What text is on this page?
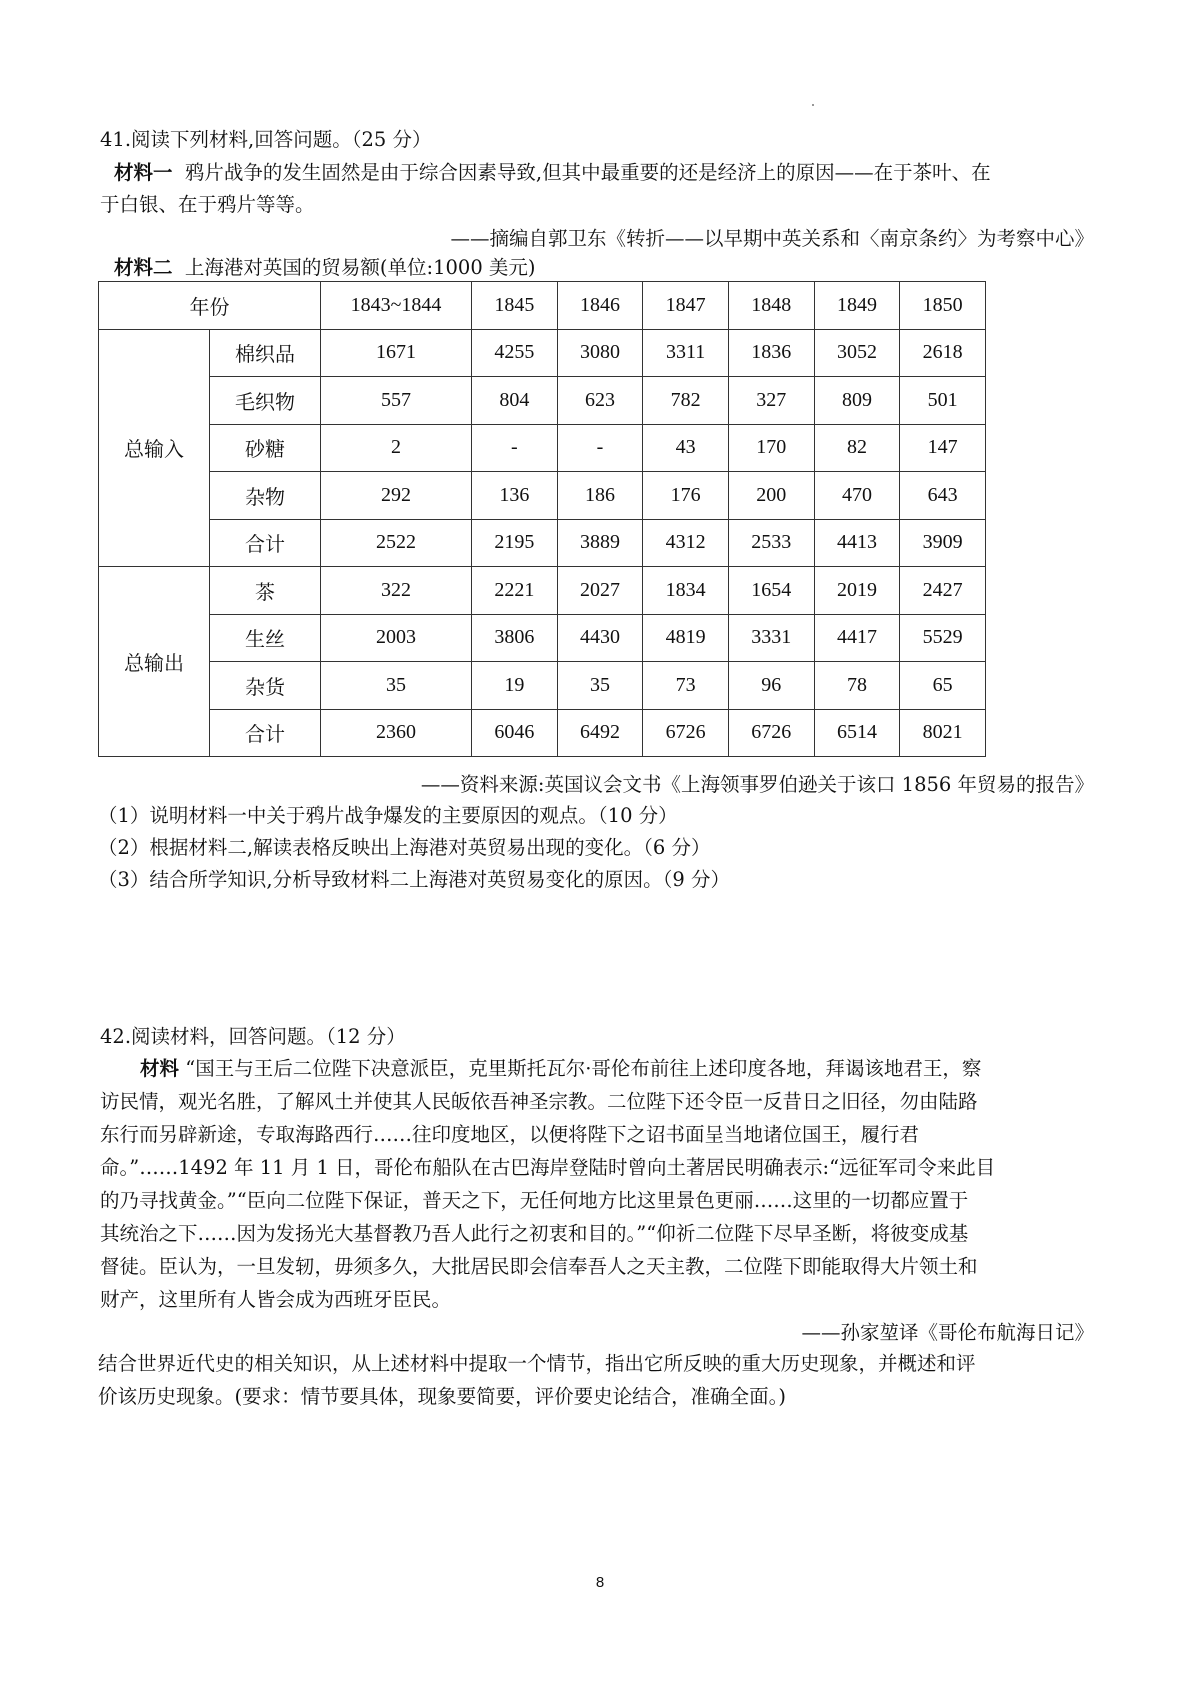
41.阅读下列材料,回答问题。（25 分）
材料一 鸦片战争的发生固然是由于综合因素导致,但其中最重要的还是经济上的原因——在于茶叶、在
于白银、在于鸦片等等。
——摘编自郭卫东《转折——以早期中英关系和〈南京条约〉为考察中心》
材料二 上海港对英国的贸易额(单位:1000 美元)
年份		1843~1844	1845	1846	1847	1848	1849	1850
总输入	棉织品	1671	4255	3080	3311	1836	3052	2618
	毛织物	557	804	623	782	327	809	501
	砂糖	2	-	-	43	170	82	147
	杂物	292	136	186	176	200	470	643
	合计	2522	2195	3889	4312	2533	4413	3909
总输出	茶	322	2221	2027	1834	1654	2019	2427
	生丝	2003	3806	4430	4819	3331	4417	5529
	杂货	35	19	35	73	96	78	65
	合计	2360	6046	6492	6726	6726	6514	8021
——资料来源:英国议会文书《上海领事罗伯逊关于该口 1856 年贸易的报告》
（1）说明材料一中关于鸦片战争爆发的主要原因的观点。（10 分）
（2）根据材料二,解读表格反映出上海港对英贸易出现的变化。（6 分）
（3）结合所学知识,分析导致材料二上海港对英贸易变化的原因。（9 分）
42.阅读材料，回答问题。（12 分）
材料 “国王与王后二位陛下决意派臣，克里斯托瓦尔·哥伦布前往上述印度各地，拜谒该地君王，察
访民情，观光名胜，了解风土并使其人民皈依吾神圣宗教。二位陛下还令臣一反昔日之旧径，勿由陆路
东行而另辟新途，专取海路西行……往印度地区，以便将陛下之诏书面呈当地诸位国王，履行君
命。”……1492 年 11 月 1 日，哥伦布船队在古巴海岸登陆时曾向土著居民明确表示:“远征军司令来此目
的乃寻找黄金。”“臣向二位陛下保证，普天之下，无任何地方比这里景色更丽……这里的一切都应置于
其统治之下……因为发扬光大基督教乃吾人此行之初衷和目的。”“仰祈二位陛下尽早圣断，将彼变成基
督徒。臣认为，一旦发轫，毋须多久，大批居民即会信奉吾人之天主教，二位陛下即能取得大片领土和
财产，这里所有人皆会成为西班牙臣民。
——孙家堃译《哥伦布航海日记》
结合世界近代史的相关知识，从上述材料中提取一个情节，指出它所反映的重大历史现象，并概述和评
价该历史现象。(要求：情节要具体，现象要简要，评价要史论结合，准确全面。)
8
